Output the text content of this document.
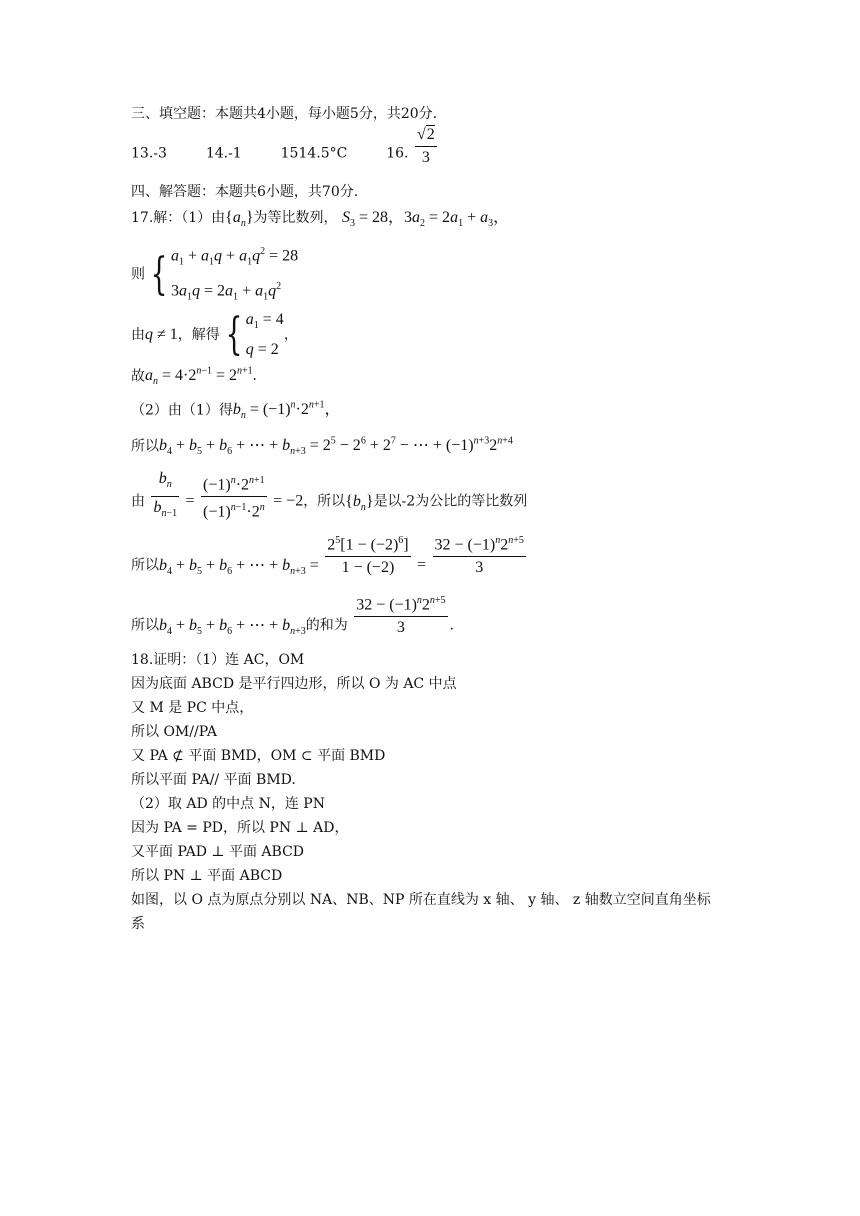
三、填空题：本题共4小题，每小题5分，共20分.
13.-3	14.-1	1514.5°C	16. $\frac{√2}{3}$
四、解答题：本题共6小题，共70分.
17.解：（1）由$\{a_n\}$为等比数列， $S_3 = 28$，$3a_2 = 2a_1 + a_3$，
则 { $a_1 + a_1q + a_1q^2 = 28$
$3a_1q = 2a_1 + a_1q^2$
由q ≠ 1，解得 { $a_1 = 4$
q = 2
，
故$a_n = 4\cdot 2^{n-1} = 2^{n+1}$.
（2）由（1）得$b_n = (-1)^n\cdot 2^{n+1}$，
所以$b_4 + b_5 + b_6$ + ⋯ + $b_{n+3} = 2^5 - 2^6 + 2^7$ − ⋯ + $(-1)^{n+3}2^{n+4}$
由 $\frac{b_n}{b_{n-1}} = \frac{(-1)^n\cdot 2^{n+1}}{(-1)^{n-1}\cdot 2^n} = -2$，所以$\{b_n\}$是以-2为公比的等比数列
所以$b_4 + b_5 + b_6$ + ⋯ + $b_{n+3} = \frac{2^5[1 - (-2)^6]}{1 - (-2)} = \frac{32 - (-1)^n2^{n+5}}{3}$
所以$b_4 + b_5 + b_6$ + ⋯ + $b_{n+3}$的和为 $\frac{32 - (-1)^n2^{n+5}}{3}$ .
18.证明：（1）连 AC，OM
因为底面 ABCD 是平行四边形，所以 O 为 AC 中点
又 M 是 PC 中点，
所以 OM//PA
又 PA ⊄ 平面 BMD，OM ⊂ 平面 BMD
所以平面 PA// 平面 BMD.
（2）取 AD 的中点 N，连 PN
因为 PA = PD，所以 PN ⊥ AD，
又平面 PAD ⊥ 平面 ABCD
所以 PN ⊥ 平面 ABCD
如图，以 O 点为原点分别以 NA、NB、NP 所在直线为 x 轴、 y 轴、 z 轴数立空间直角坐标
系
